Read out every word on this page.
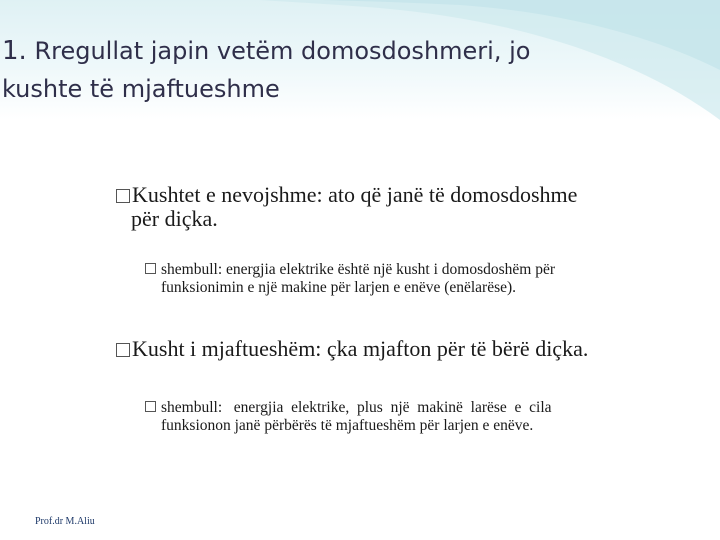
1. Rregullat japin vetëm domosdoshmeri, jo
kushte të mjaftueshme
Kushtet e nevojshme: ato që janë të domosdoshme
për diçka.
shembull: energjia elektrike është një kusht i domosdoshëm për
funksionimin e një makine për larjen e enëve (enëlarëse).
Kusht i mjaftueshëm: çka mjafton për të bërë diçka.
shembull:   energjia  elektrike,  plus  një  makinë  larëse  e  cila
funksionon janë përbërës të mjaftueshëm për larjen e enëve.
Prof.dr M.Aliu
